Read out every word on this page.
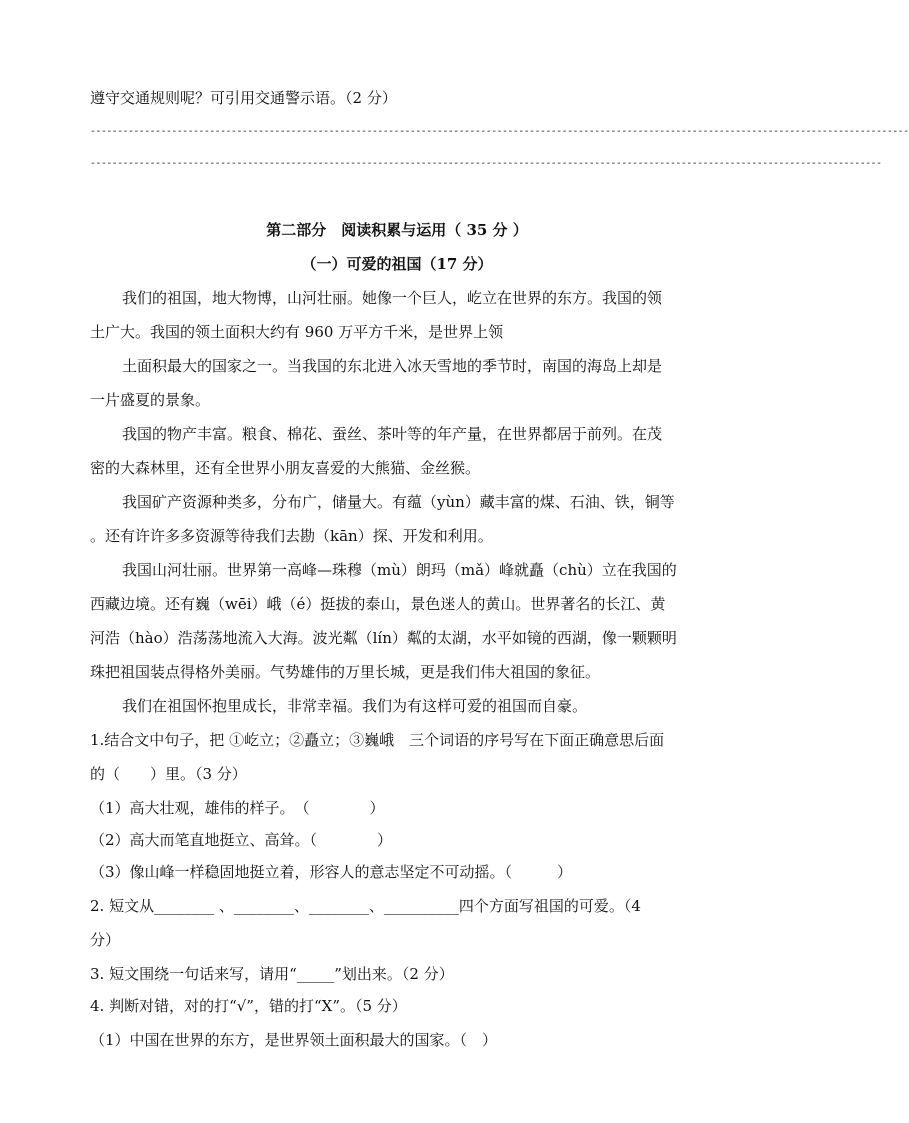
遵守交通规则呢？可引用交通警示语。（2 分）
-------------------------------------------------------------------------------------------------------------------------------------------------------
--------------------------------------------------------------------------------------------------------------------------------------------------
第二部分　阅读积累与运用（ 35 分 ）
（一）可爱的祖国（17 分）
我们的祖国，地大物博，山河壮丽。她像一个巨人，屹立在世界的东方。我国的领
土广大。我国的领土面积大约有 960 万平方千米，是世界上领
土面积最大的国家之一。当我国的东北进入冰天雪地的季节时，南国的海岛上却是
一片盛夏的景象。
我国的物产丰富。粮食、棉花、蚕丝、茶叶等的年产量，在世界都居于前列。在茂
密的大森林里，还有全世界小朋友喜爱的大熊猫、金丝猴。
我国矿产资源种类多，分布广，储量大。有蕴（yùn）藏丰富的煤、石油、铁，铜等
。还有许许多多资源等待我们去勘（kān）探、开发和利用。
我国山河壮丽。世界第一高峰—珠穆（mù）朗玛（mǎ）峰就矗（chù）立在我国的
西藏边境。还有巍（wēi）峨（é）挺拔的泰山，景色迷人的黄山。世界著名的长江、黄
河浩（hào）浩荡荡地流入大海。波光粼（lín）粼的太湖，水平如镜的西湖，像一颗颗明
珠把祖国装点得格外美丽。气势雄伟的万里长城，更是我们伟大祖国的象征。
我们在祖国怀抱里成长，非常幸福。我们为有这样可爱的祖国而自豪。
1.结合文中句子，把 ①屹立；②矗立；③巍峨　三个词语的序号写在下面正确意思后面
的（　　）里。（3 分）
（1）高大壮观，雄伟的样子。　（　　　　）
（2）高大而笔直地挺立、高耸。（　　　　）
（3）像山峰一样稳固地挺立着，形容人的意志坚定不可动摇。（　　　）
2. 短文从________ 、________、________、__________四个方面写祖国的可爱。（4
分）
3. 短文围绕一句话来写，请用“_____”划出来。（2 分）
4. 判断对错，对的打“√”，错的打“X”。（5 分）
（1）中国在世界的东方，是世界领土面积最大的国家。（　）
